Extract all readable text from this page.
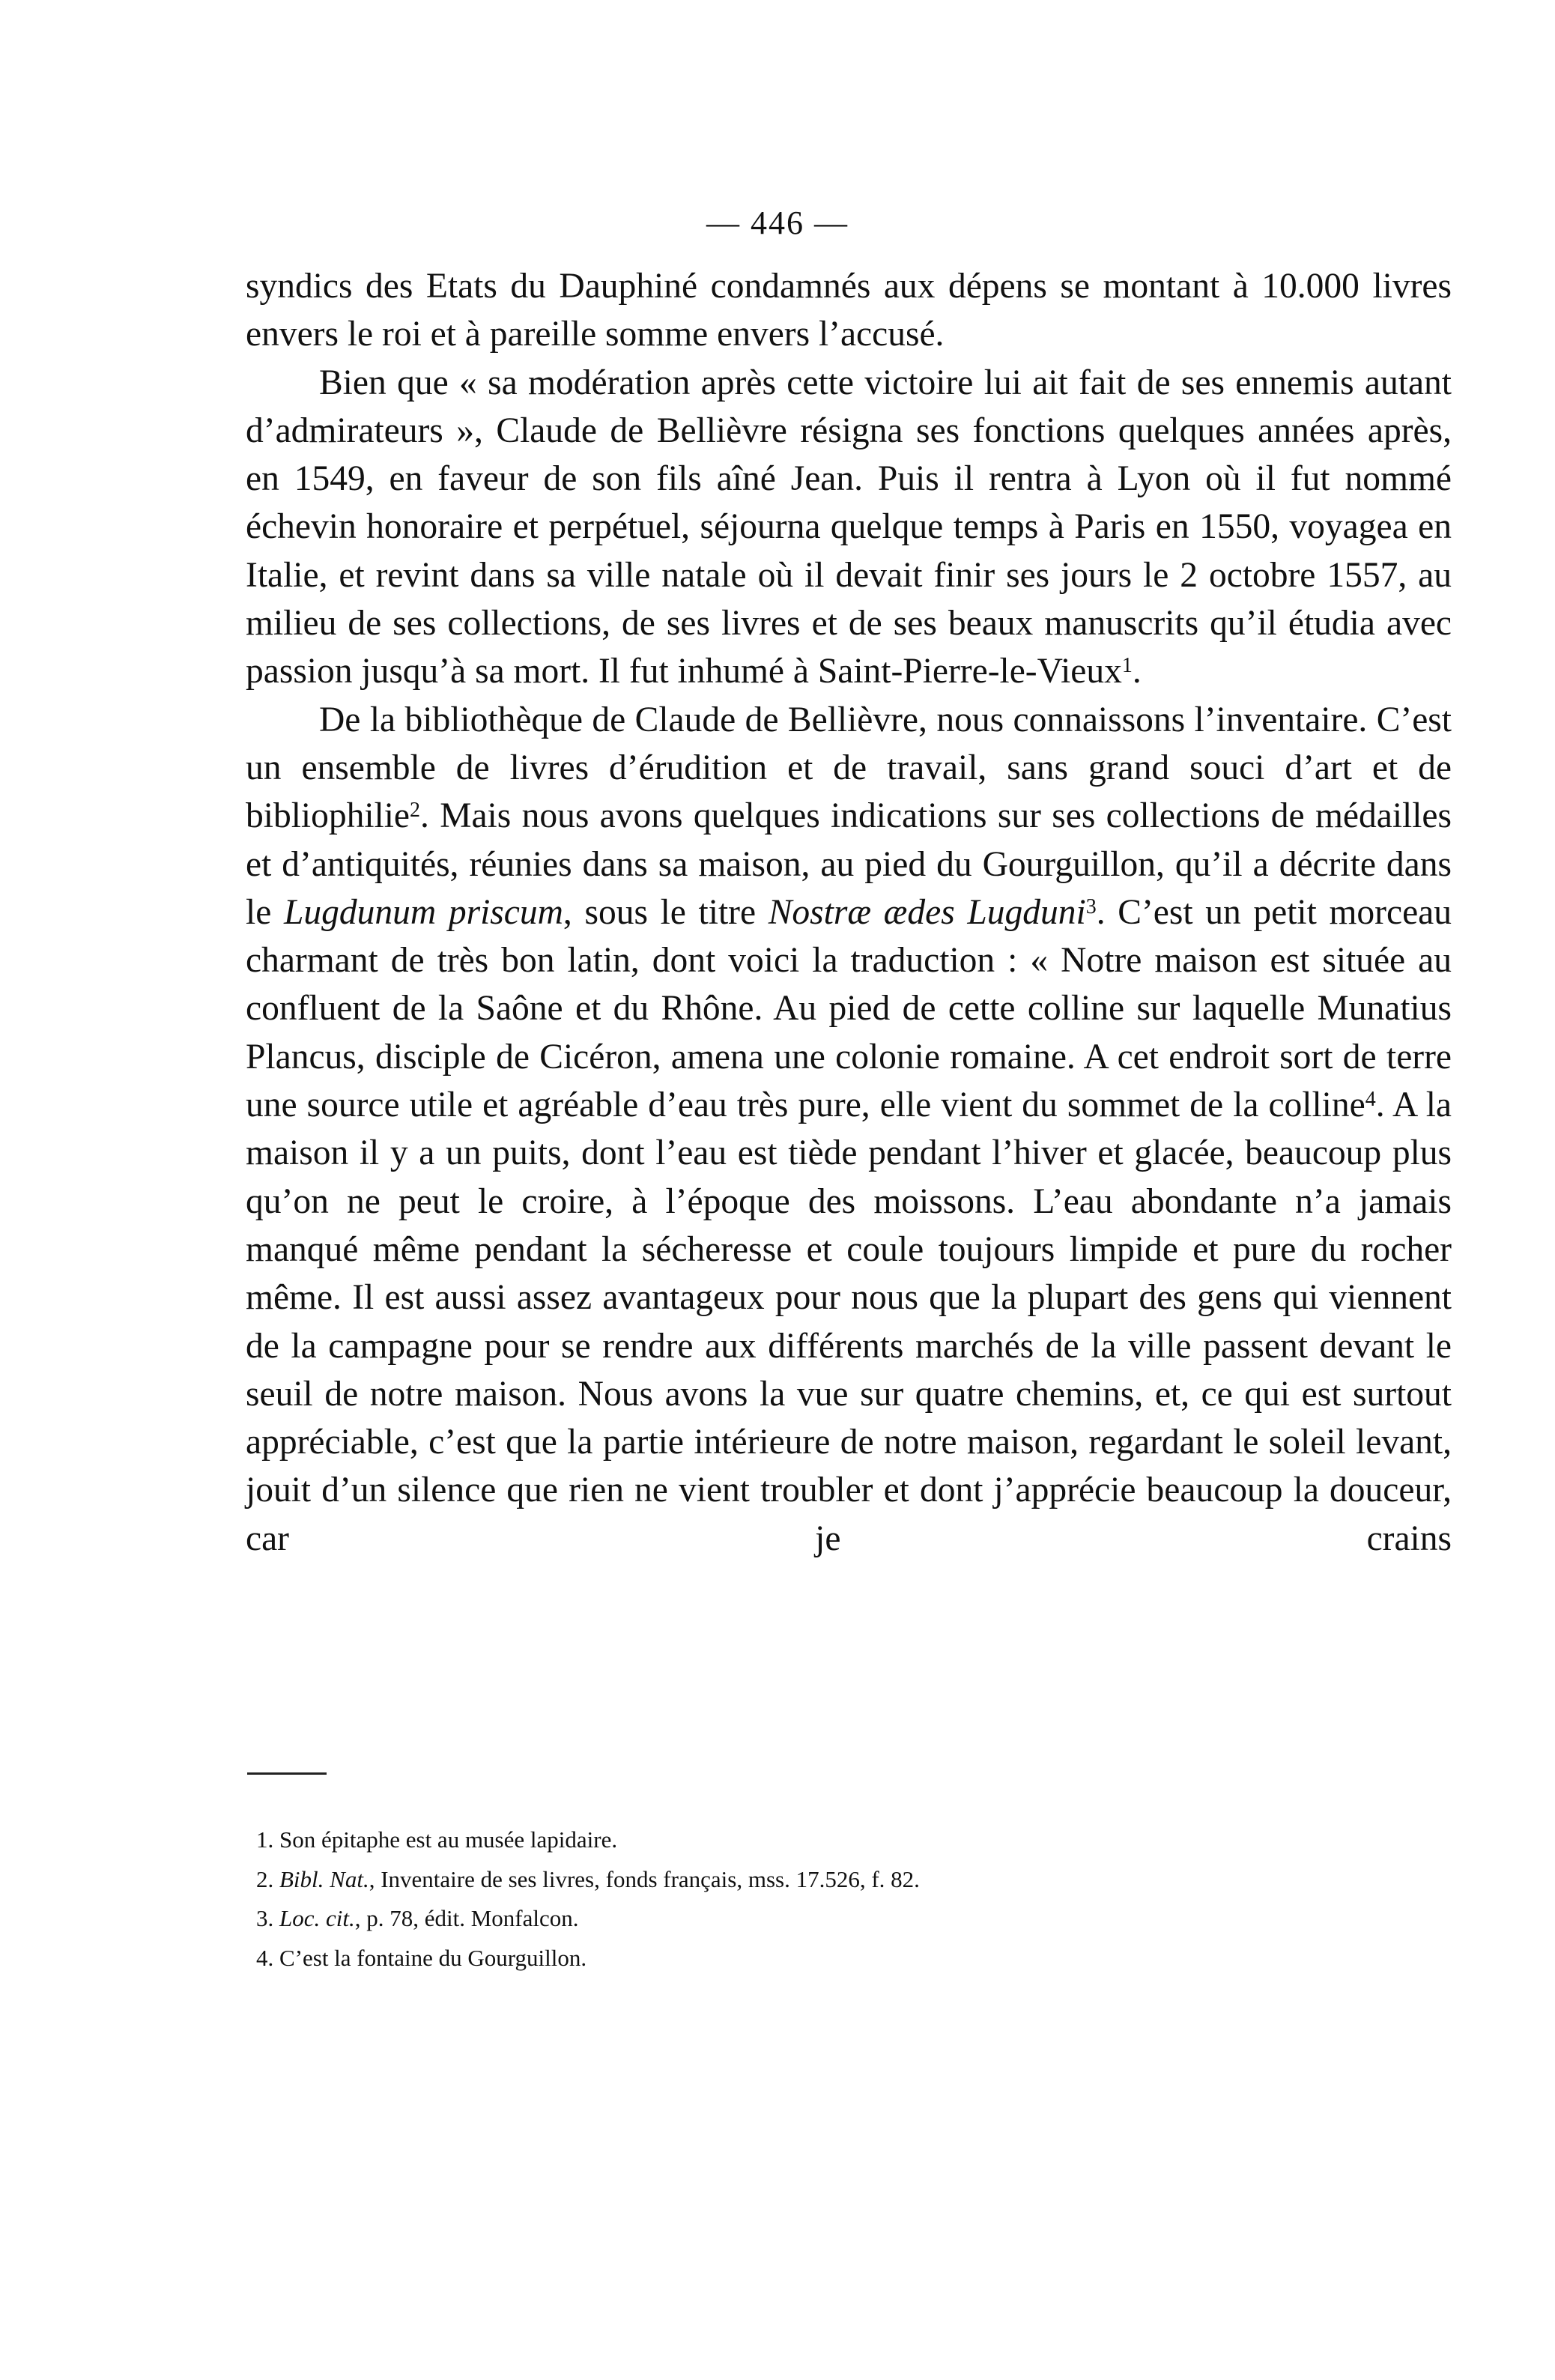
— 446 —

syndics des Etats du Dauphiné condamnés aux dépens se montant à 10.000 livres envers le roi et à pareille somme envers l’accusé.

Bien que « sa modération après cette victoire lui ait fait de ses ennemis autant d’admirateurs », Claude de Bellièvre résigna ses fonctions quelques années après, en 1549, en faveur de son fils aîné Jean. Puis il rentra à Lyon où il fut nommé échevin honoraire et perpétuel, séjourna quelque temps à Paris en 1550, voyagea en Italie, et revint dans sa ville natale où il devait finir ses jours le 2 octobre 1557, au milieu de ses collections, de ses livres et de ses beaux manuscrits qu’il étudia avec passion jusqu’à sa mort. Il fut inhumé à Saint-Pierre-le-Vieux$^1$.

De la bibliothèque de Claude de Bellièvre, nous connaissons l’inventaire. C’est un ensemble de livres d’érudition et de travail, sans grand souci d’art et de bibliophilie$^2$. Mais nous avons quelques indications sur ses collections de médailles et d’antiquités, réunies dans sa maison, au pied du Gourguillon, qu’il a décrite dans le Lugdunum priscum, sous le titre Nostræ ædes Lugduni$^3$. C’est un petit morceau charmant de très bon latin, dont voici la traduction : « Notre maison est située au confluent de la Saône et du Rhône. Au pied de cette colline sur laquelle Munatius Plancus, disciple de Cicéron, amena une colonie romaine. A cet endroit sort de terre une source utile et agréable d’eau très pure, elle vient du sommet de la colline$^4$. A la maison il y a un puits, dont l’eau est tiède pendant l’hiver et glacée, beaucoup plus qu’on ne peut le croire, à l’époque des moissons. L’eau abondante n’a jamais manqué même pendant la sécheresse et coule toujours limpide et pure du rocher même. Il est aussi assez avantageux pour nous que la plupart des gens qui viennent de la campagne pour se rendre aux différents marchés de la ville passent devant le seuil de notre maison. Nous avons la vue sur quatre chemins, et, ce qui est surtout appréciable, c’est que la partie intérieure de notre maison, regardant le soleil levant, jouit d’un silence que rien ne vient troubler et dont j’apprécie beaucoup la douceur, car je crains

1. Son épitaphe est au musée lapidaire.
2. Bibl. Nat., Inventaire de ses livres, fonds français, mss. 17.526, f. 82.
3. Loc. cit., p. 78, édit. Monfalcon.
4. C’est la fontaine du Gourguillon.
